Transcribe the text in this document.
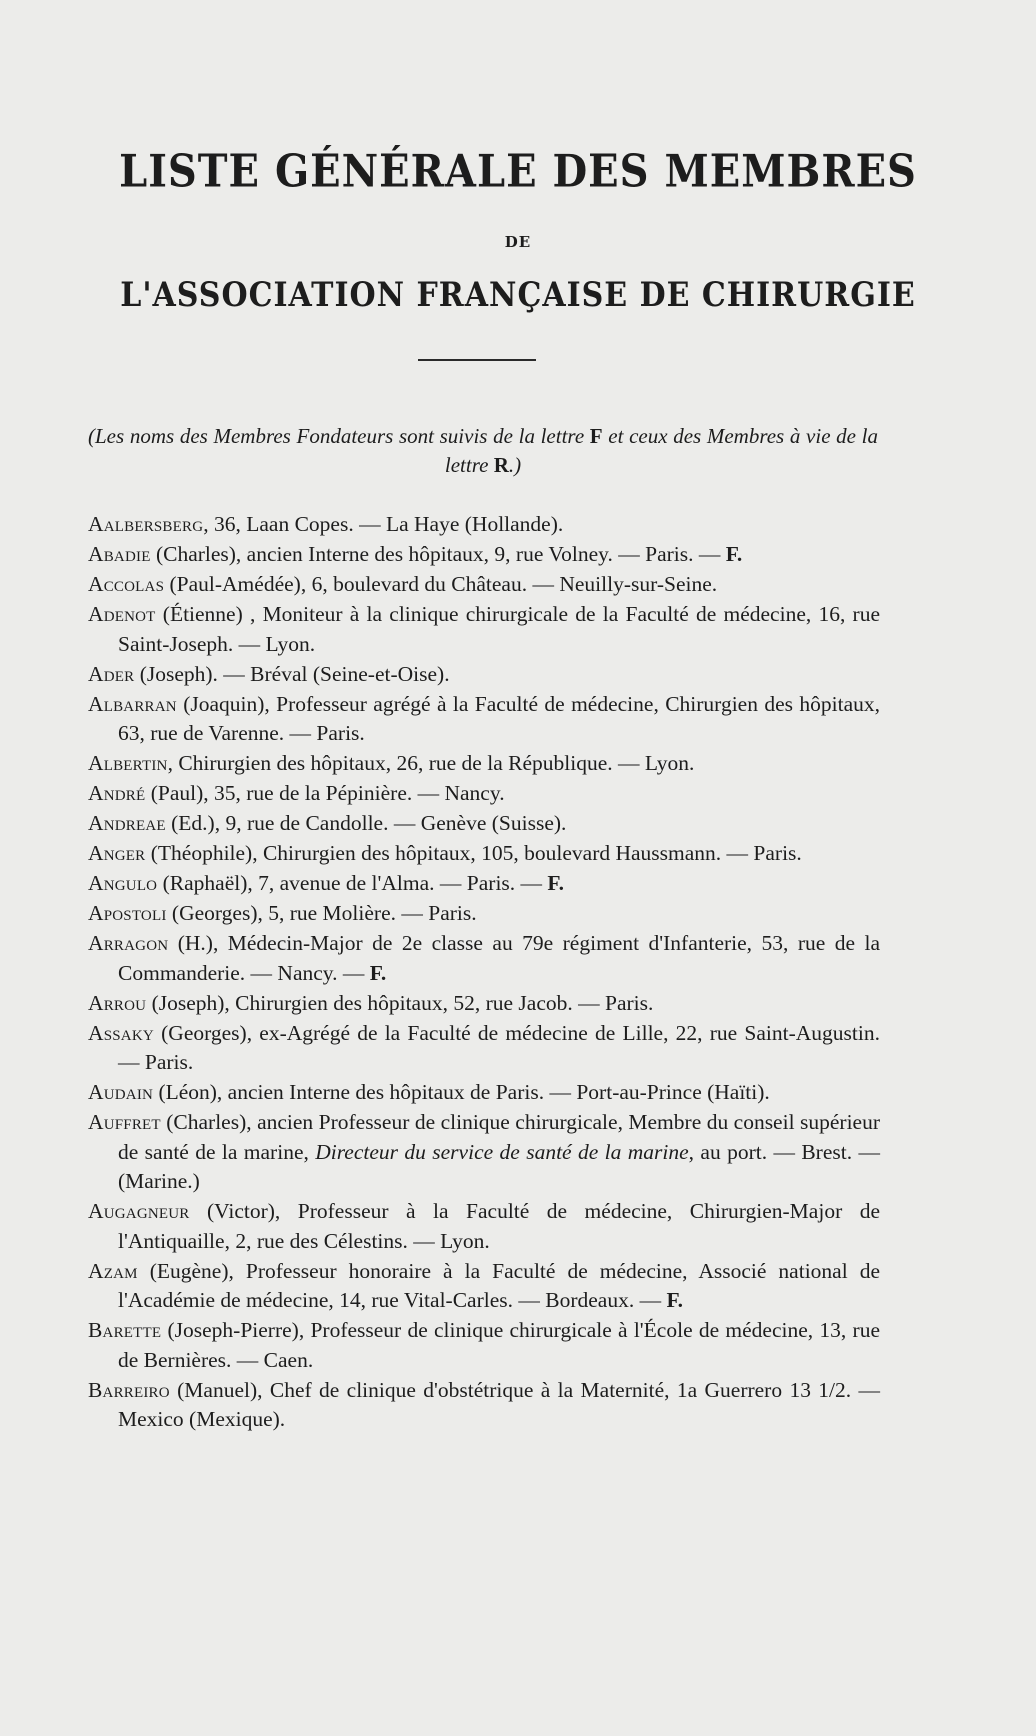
LISTE GÉNÉRALE DES MEMBRES
DE
L'ASSOCIATION FRANÇAISE DE CHIRURGIE
(Les noms des Membres Fondateurs sont suivis de la lettre F et ceux des Membres à vie de la lettre R.)
Aalbersberg, 36, Laan Copes. — La Haye (Hollande).
Abadie (Charles), ancien Interne des hôpitaux, 9, rue Volney. — Paris. — F.
Accolas (Paul-Amédée), 6, boulevard du Château. — Neuilly-sur-Seine.
Adenot (Étienne) , Moniteur à la clinique chirurgicale de la Faculté de médecine, 16, rue Saint-Joseph. — Lyon.
Ader (Joseph). — Bréval (Seine-et-Oise).
Albarran (Joaquin), Professeur agrégé à la Faculté de médecine, Chirurgien des hôpitaux, 63, rue de Varenne. — Paris.
Albertin, Chirurgien des hôpitaux, 26, rue de la République. — Lyon.
André (Paul), 35, rue de la Pépinière. — Nancy.
Andreae (Ed.), 9, rue de Candolle. — Genève (Suisse).
Anger (Théophile), Chirurgien des hôpitaux, 105, boulevard Haussmann. — Paris.
Angulo (Raphaël), 7, avenue de l'Alma. — Paris. — F.
Apostoli (Georges), 5, rue Molière. — Paris.
Arragon (H.), Médecin-Major de 2e classe au 79e régiment d'Infanterie, 53, rue de la Commanderie. — Nancy. — F.
Arrou (Joseph), Chirurgien des hôpitaux, 52, rue Jacob. — Paris.
Assaky (Georges), ex-Agrégé de la Faculté de médecine de Lille, 22, rue Saint-Augustin. — Paris.
Audain (Léon), ancien Interne des hôpitaux de Paris. — Port-au-Prince (Haïti).
Auffret (Charles), ancien Professeur de clinique chirurgicale, Membre du conseil supérieur de santé de la marine, Directeur du service de santé de la marine, au port. — Brest. — (Marine.)
Augagneur (Victor), Professeur à la Faculté de médecine, Chirurgien-Major de l'Antiquaille, 2, rue des Célestins. — Lyon.
Azam (Eugène), Professeur honoraire à la Faculté de médecine, Associé national de l'Académie de médecine, 14, rue Vital-Carles. — Bordeaux. — F.
Barette (Joseph-Pierre), Professeur de clinique chirurgicale à l'École de médecine, 13, rue de Bernières. — Caen.
Barreiro (Manuel), Chef de clinique d'obstétrique à la Maternité, 1a Guerrero 13 1/2. — Mexico (Mexique).
